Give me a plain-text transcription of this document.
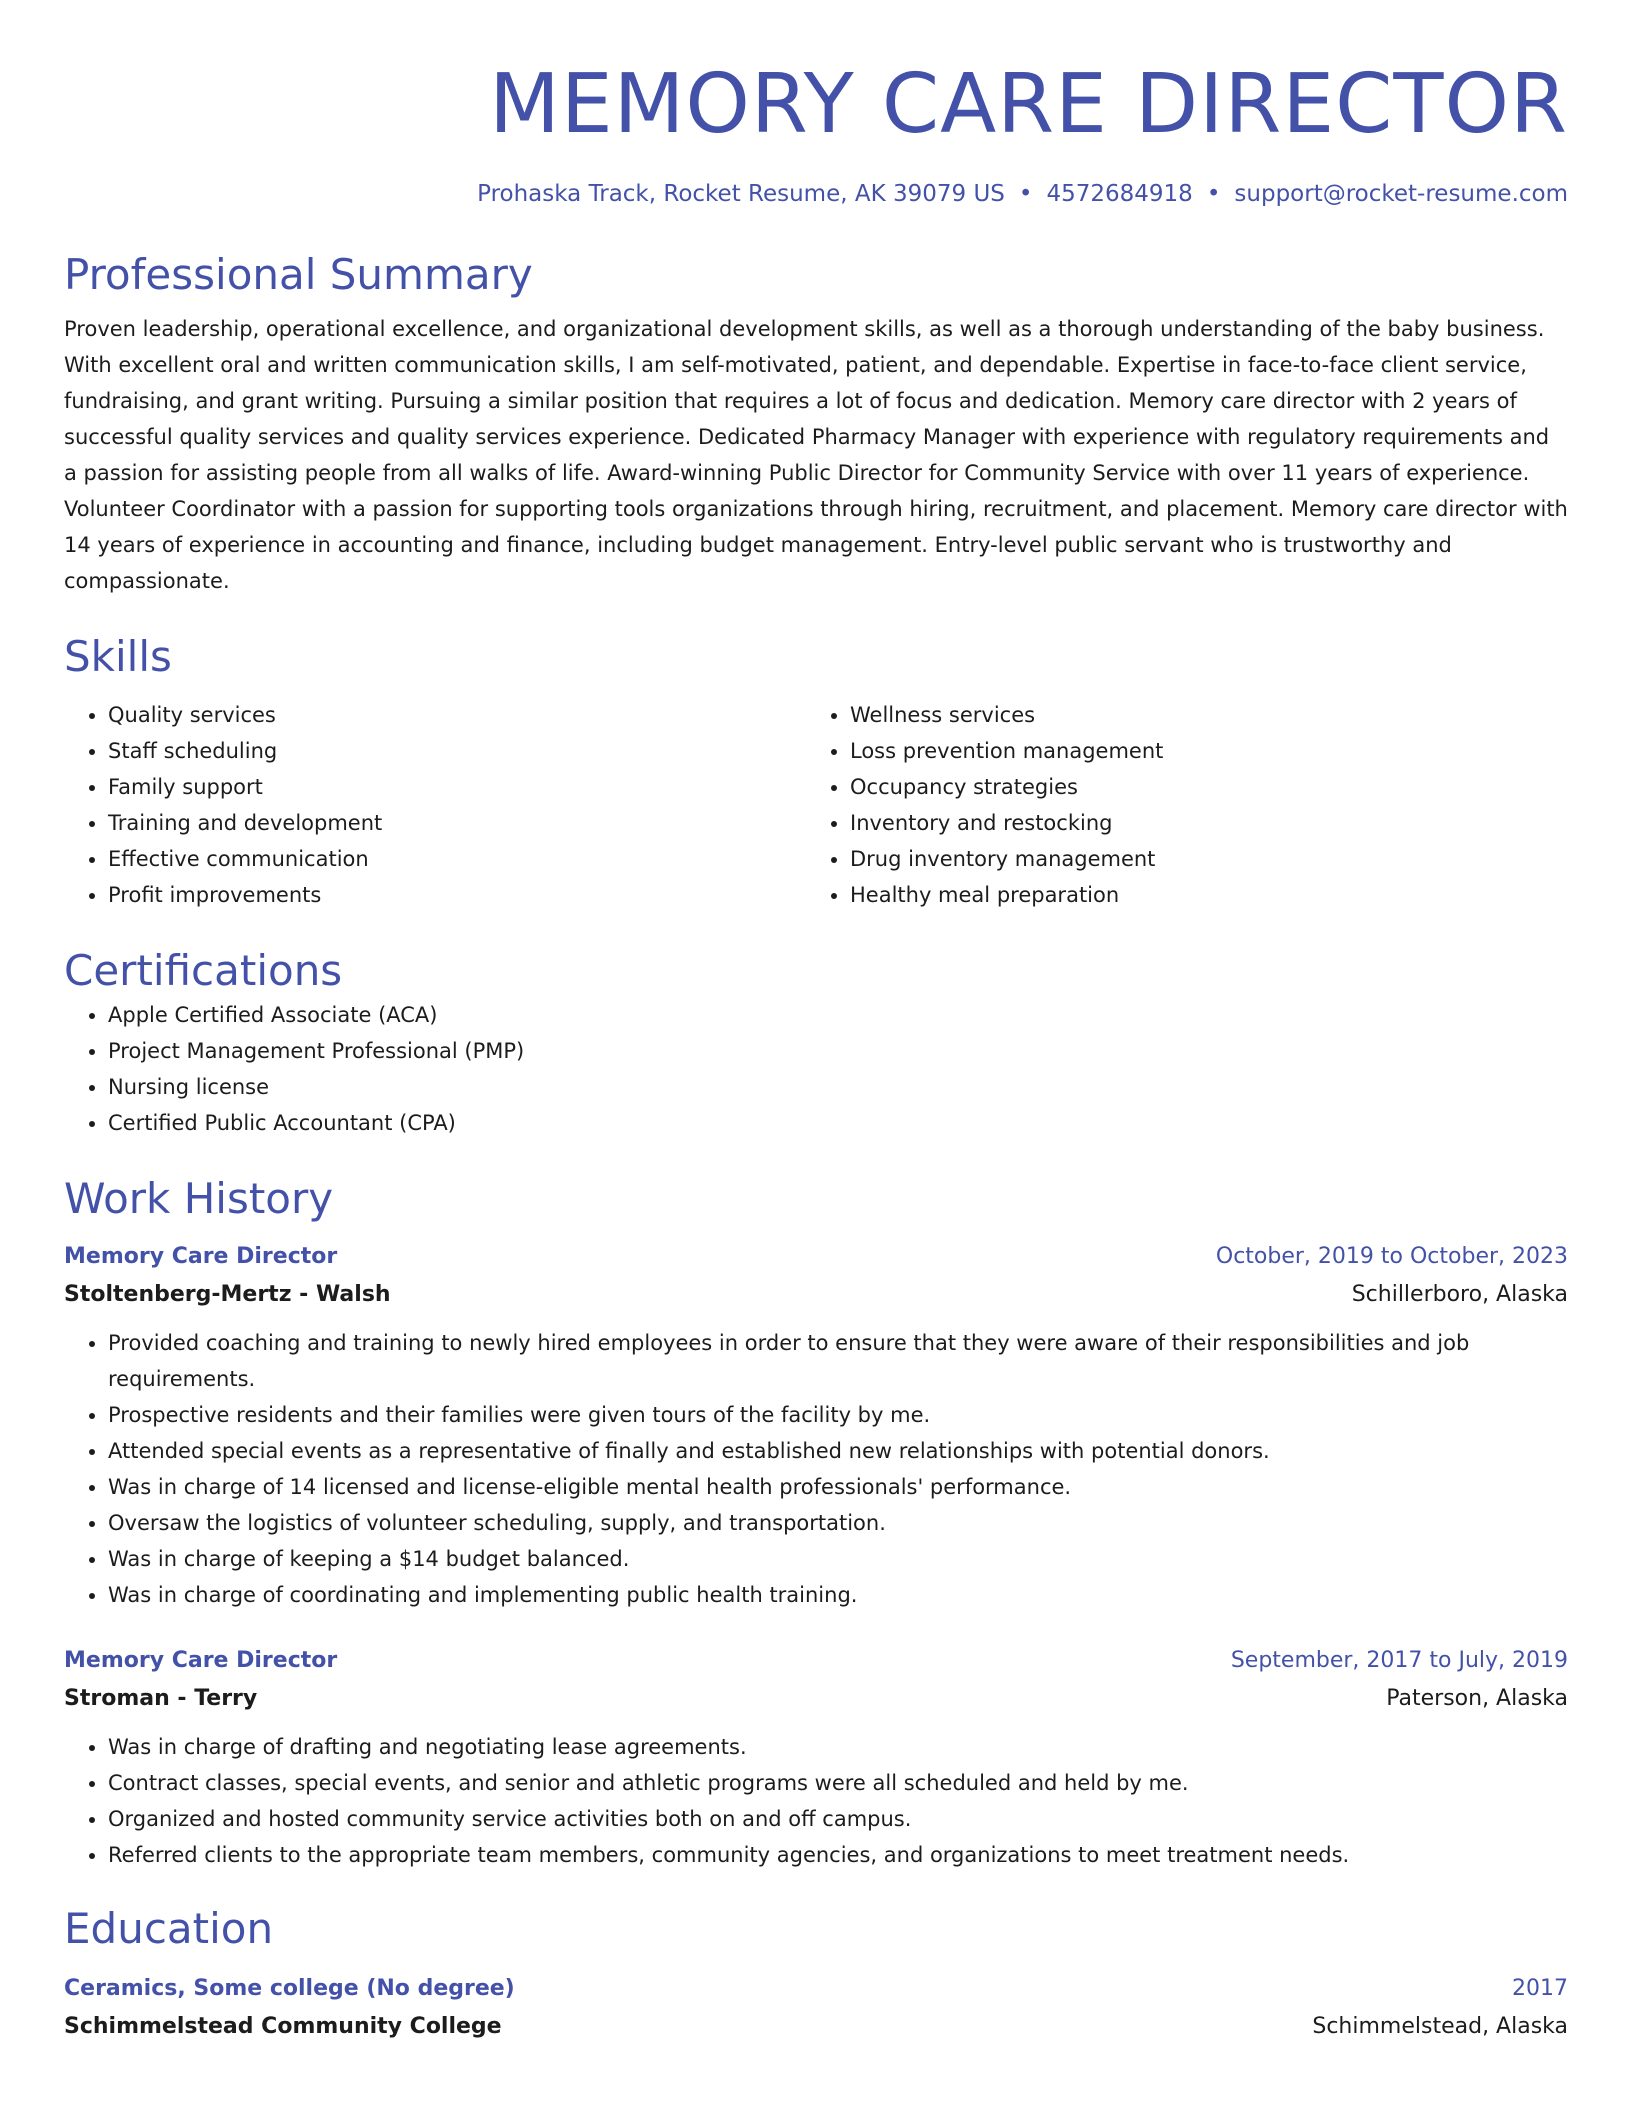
MEMORY CARE DIRECTOR
Prohaska Track, Rocket Resume, AK 39079 US • 4572684918 • support@rocket-resume.com
Professional Summary
Proven leadership, operational excellence, and organizational development skills, as well as a thorough understanding of the baby business. With excellent oral and written communication skills, I am self-motivated, patient, and dependable. Expertise in face-to-face client service, fundraising, and grant writing. Pursuing a similar position that requires a lot of focus and dedication. Memory care director with 2 years of successful quality services and quality services experience. Dedicated Pharmacy Manager with experience with regulatory requirements and a passion for assisting people from all walks of life. Award-winning Public Director for Community Service with over 11 years of experience. Volunteer Coordinator with a passion for supporting tools organizations through hiring, recruitment, and placement. Memory care director with 14 years of experience in accounting and finance, including budget management. Entry-level public servant who is trustworthy and compassionate.
Skills
• Quality services
• Staff scheduling
• Family support
• Training and development
• Effective communication
• Profit improvements
• Wellness services
• Loss prevention management
• Occupancy strategies
• Inventory and restocking
• Drug inventory management
• Healthy meal preparation
Certifications
• Apple Certified Associate (ACA)
• Project Management Professional (PMP)
• Nursing license
• Certified Public Accountant (CPA)
Work History
Memory Care Director	October, 2019 to October, 2023
Stoltenberg-Mertz - Walsh	Schillerboro, Alaska
• Provided coaching and training to newly hired employees in order to ensure that they were aware of their responsibilities and job requirements.
• Prospective residents and their families were given tours of the facility by me.
• Attended special events as a representative of finally and established new relationships with potential donors.
• Was in charge of 14 licensed and license-eligible mental health professionals' performance.
• Oversaw the logistics of volunteer scheduling, supply, and transportation.
• Was in charge of keeping a $14 budget balanced.
• Was in charge of coordinating and implementing public health training.
Memory Care Director	September, 2017 to July, 2019
Stroman - Terry	Paterson, Alaska
• Was in charge of drafting and negotiating lease agreements.
• Contract classes, special events, and senior and athletic programs were all scheduled and held by me.
• Organized and hosted community service activities both on and off campus.
• Referred clients to the appropriate team members, community agencies, and organizations to meet treatment needs.
Education
Ceramics, Some college (No degree)	2017
Schimmelstead Community College	Schimmelstead, Alaska
